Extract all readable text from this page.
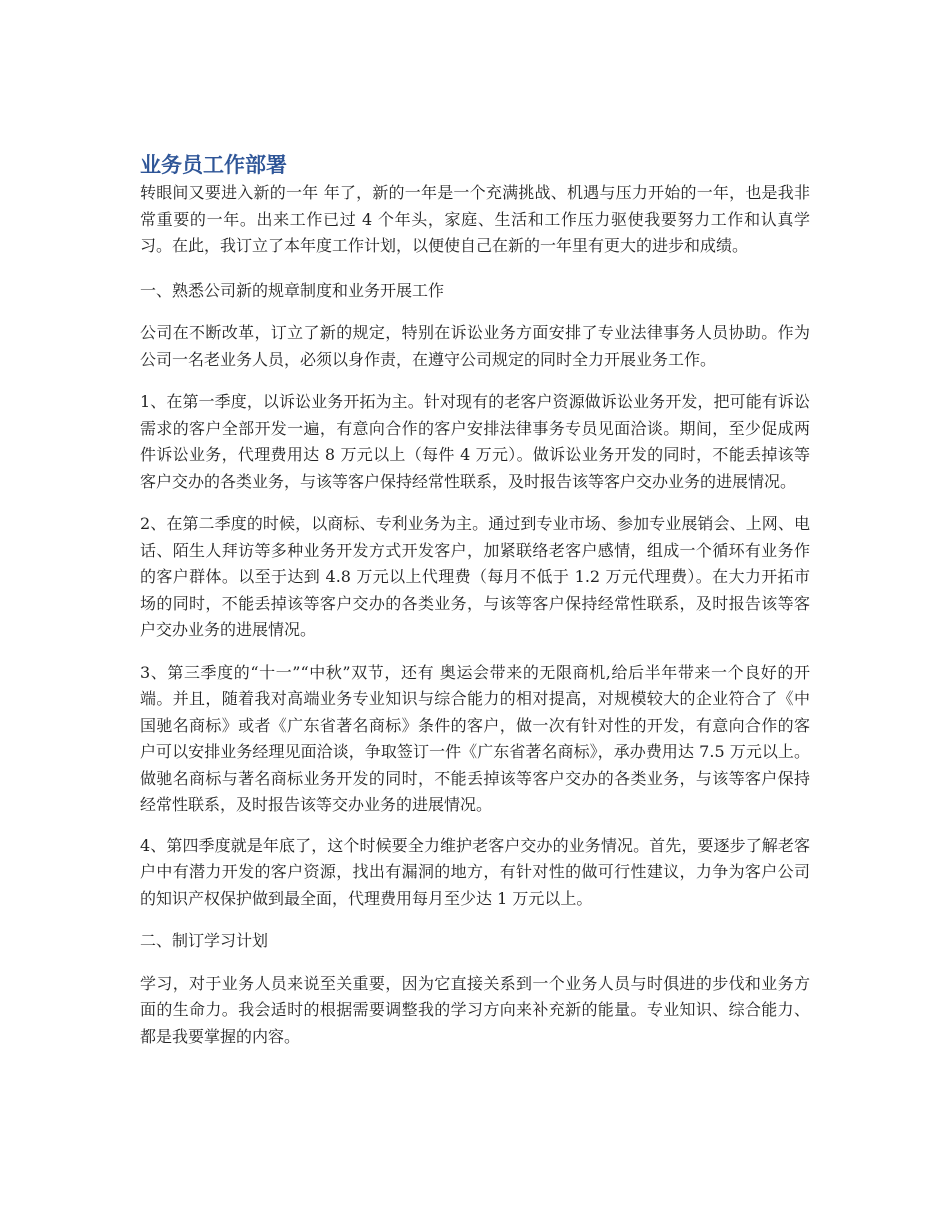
业务员工作部署

转眼间又要进入新的一年 年了，新的一年是一个充满挑战、机遇与压力开始的一年，也是我非常重要的一年。出来工作已过 4 个年头，家庭、生活和工作压力驱使我要努力工作和认真学习。在此，我订立了本年度工作计划，以便使自己在新的一年里有更大的进步和成绩。

一、熟悉公司新的规章制度和业务开展工作

公司在不断改革，订立了新的规定，特别在诉讼业务方面安排了专业法律事务人员协助。作为公司一名老业务人员，必须以身作责，在遵守公司规定的同时全力开展业务工作。

1、在第一季度，以诉讼业务开拓为主。针对现有的老客户资源做诉讼业务开发，把可能有诉讼需求的客户全部开发一遍，有意向合作的客户安排法律事务专员见面洽谈。期间，至少促成两件诉讼业务，代理费用达 8 万元以上（每件 4 万元）。做诉讼业务开发的同时，不能丢掉该等客户交办的各类业务，与该等客户保持经常性联系，及时报告该等客户交办业务的进展情况。

2、在第二季度的时候，以商标、专利业务为主。通过到专业市场、参加专业展销会、上网、电话、陌生人拜访等多种业务开发方式开发客户，加紧联络老客户感情，组成一个循环有业务作的客户群体。以至于达到 4.8 万元以上代理费（每月不低于 1.2 万元代理费）。在大力开拓市场的同时，不能丢掉该等客户交办的各类业务，与该等客户保持经常性联系，及时报告该等客户交办业务的进展情况。

3、第三季度的“十一”“中秋”双节，还有 奥运会带来的无限商机,给后半年带来一个良好的开端。并且，随着我对高端业务专业知识与综合能力的相对提高，对规模较大的企业符合了《中国驰名商标》或者《广东省著名商标》条件的客户，做一次有针对性的开发，有意向合作的客户可以安排业务经理见面洽谈，争取签订一件《广东省著名商标》，承办费用达 7.5 万元以上。做驰名商标与著名商标业务开发的同时，不能丢掉该等客户交办的各类业务，与该等客户保持经常性联系，及时报告该等交办业务的进展情况。

4、第四季度就是年底了，这个时候要全力维护老客户交办的业务情况。首先，要逐步了解老客户中有潜力开发的客户资源，找出有漏洞的地方，有针对性的做可行性建议，力争为客户公司的知识产权保护做到最全面，代理费用每月至少达 1 万元以上。

二、制订学习计划

学习，对于业务人员来说至关重要，因为它直接关系到一个业务人员与时俱进的步伐和业务方面的生命力。我会适时的根据需要调整我的学习方向来补充新的能量。专业知识、综合能力、都是我要掌握的内容。
